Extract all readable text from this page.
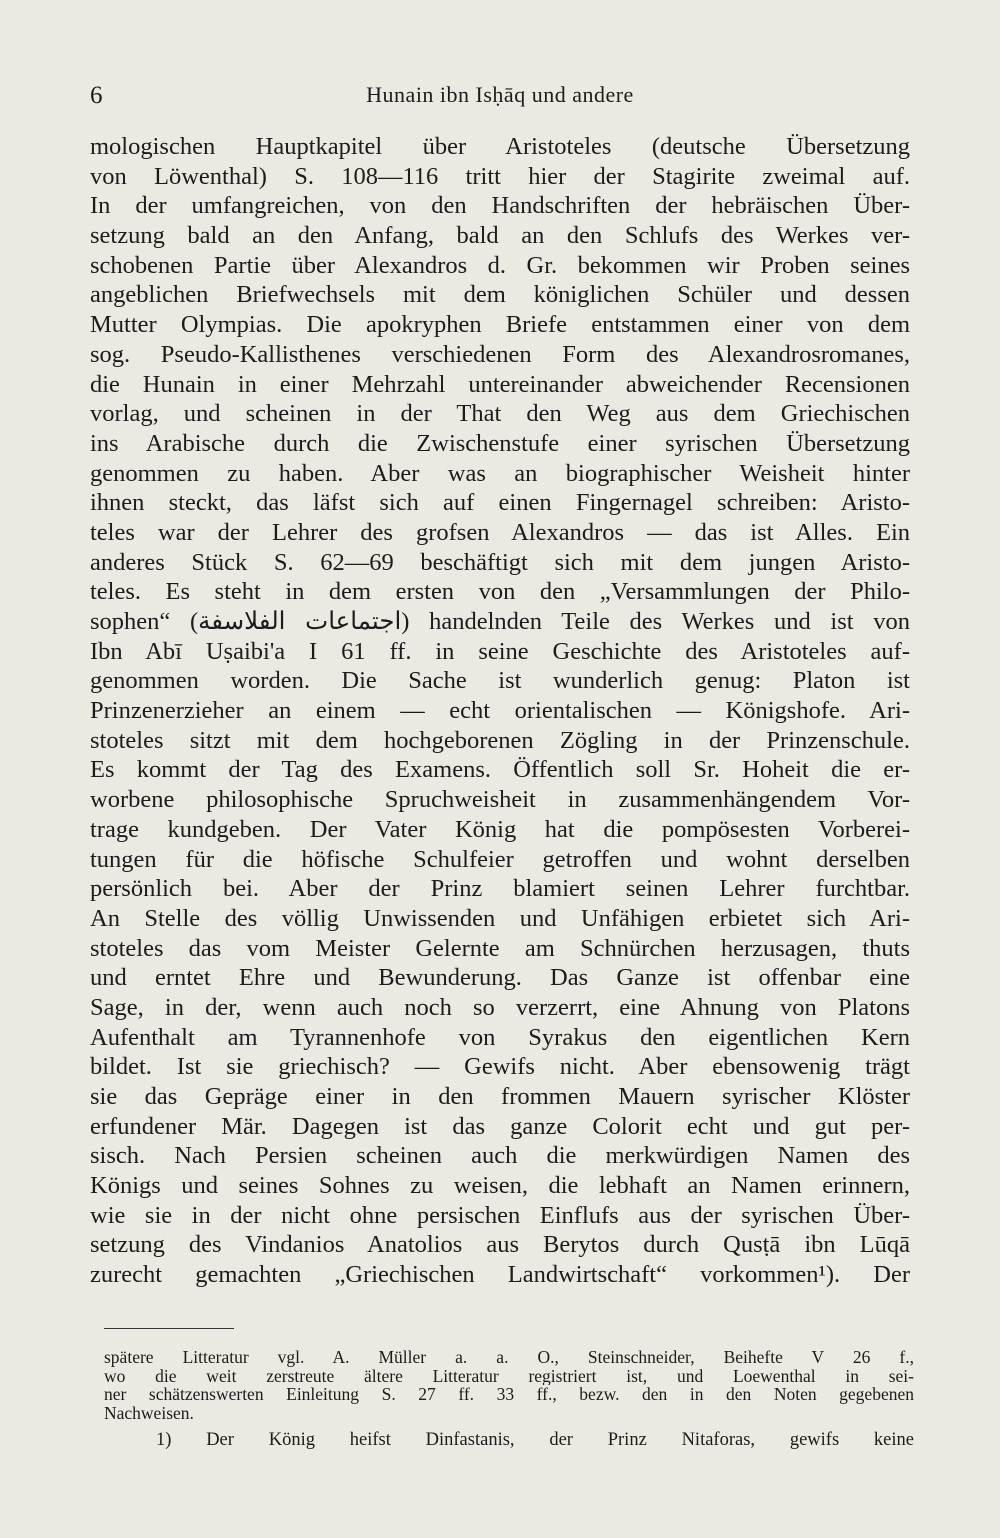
6	Hunain ibn Isḥāq und andere
mologischen Hauptkapitel über Aristoteles (deutsche Übersetzung
von Löwenthal) S. 108—116 tritt hier der Stagirite zweimal auf.
In der umfangreichen, von den Handschriften der hebräischen Über-
setzung bald an den Anfang, bald an den Schlufs des Werkes ver-
schobenen Partie über Alexandros d. Gr. bekommen wir Proben seines
angeblichen Briefwechsels mit dem königlichen Schüler und dessen
Mutter Olympias. Die apokryphen Briefe entstammen einer von dem
sog. Pseudo-Kallisthenes verschiedenen Form des Alexandrosromanes,
die Hunain in einer Mehrzahl untereinander abweichender Recensionen
vorlag, und scheinen in der That den Weg aus dem Griechischen
ins Arabische durch die Zwischenstufe einer syrischen Übersetzung
genommen zu haben. Aber was an biographischer Weisheit hinter
ihnen steckt, das läfst sich auf einen Fingernagel schreiben: Aristo-
teles war der Lehrer des grofsen Alexandros — das ist Alles. Ein
anderes Stück S. 62—69 beschäftigt sich mit dem jungen Aristo-
teles. Es steht in dem ersten von den „Versammlungen der Philo-
sophen“ (اجتماعات الفلاسفة) handelnden Teile des Werkes und ist von
Ibn Abī Uṣaibi'a I 61 ff. in seine Geschichte des Aristoteles auf-
genommen worden. Die Sache ist wunderlich genug: Platon ist
Prinzenerzieher an einem — echt orientalischen — Königshofe. Ari-
stoteles sitzt mit dem hochgeborenen Zögling in der Prinzenschule.
Es kommt der Tag des Examens. Öffentlich soll Sr. Hoheit die er-
worbene philosophische Spruchweisheit in zusammenhängendem Vor-
trage kundgeben. Der Vater König hat die pompösesten Vorberei-
tungen für die höfische Schulfeier getroffen und wohnt derselben
persönlich bei. Aber der Prinz blamiert seinen Lehrer furchtbar.
An Stelle des völlig Unwissenden und Unfähigen erbietet sich Ari-
stoteles das vom Meister Gelernte am Schnürchen herzusagen, thuts
und erntet Ehre und Bewunderung. Das Ganze ist offenbar eine
Sage, in der, wenn auch noch so verzerrt, eine Ahnung von Platons
Aufenthalt am Tyrannenhofe von Syrakus den eigentlichen Kern
bildet. Ist sie griechisch? — Gewifs nicht. Aber ebensowenig trägt
sie das Gepräge einer in den frommen Mauern syrischer Klöster
erfundener Mär. Dagegen ist das ganze Colorit echt und gut per-
sisch. Nach Persien scheinen auch die merkwürdigen Namen des
Königs und seines Sohnes zu weisen, die lebhaft an Namen erinnern,
wie sie in der nicht ohne persischen Einflufs aus der syrischen Über-
setzung des Vindanios Anatolios aus Berytos durch Qusṭā ibn Lūqā
zurecht gemachten „Griechischen Landwirtschaft“ vorkommen¹). Der
spätere Litteratur vgl. A. Müller a. a. O., Steinschneider, Beihefte V 26 f.,
wo die weit zerstreute ältere Litteratur registriert ist, und Loewenthal in sei-
ner schätzenswerten Einleitung S. 27 ff. 33 ff., bezw. den in den Noten gegebenen
Nachweisen.
1) Der König heifst Dinfastanis, der Prinz Nitaforas, gewifs keine
